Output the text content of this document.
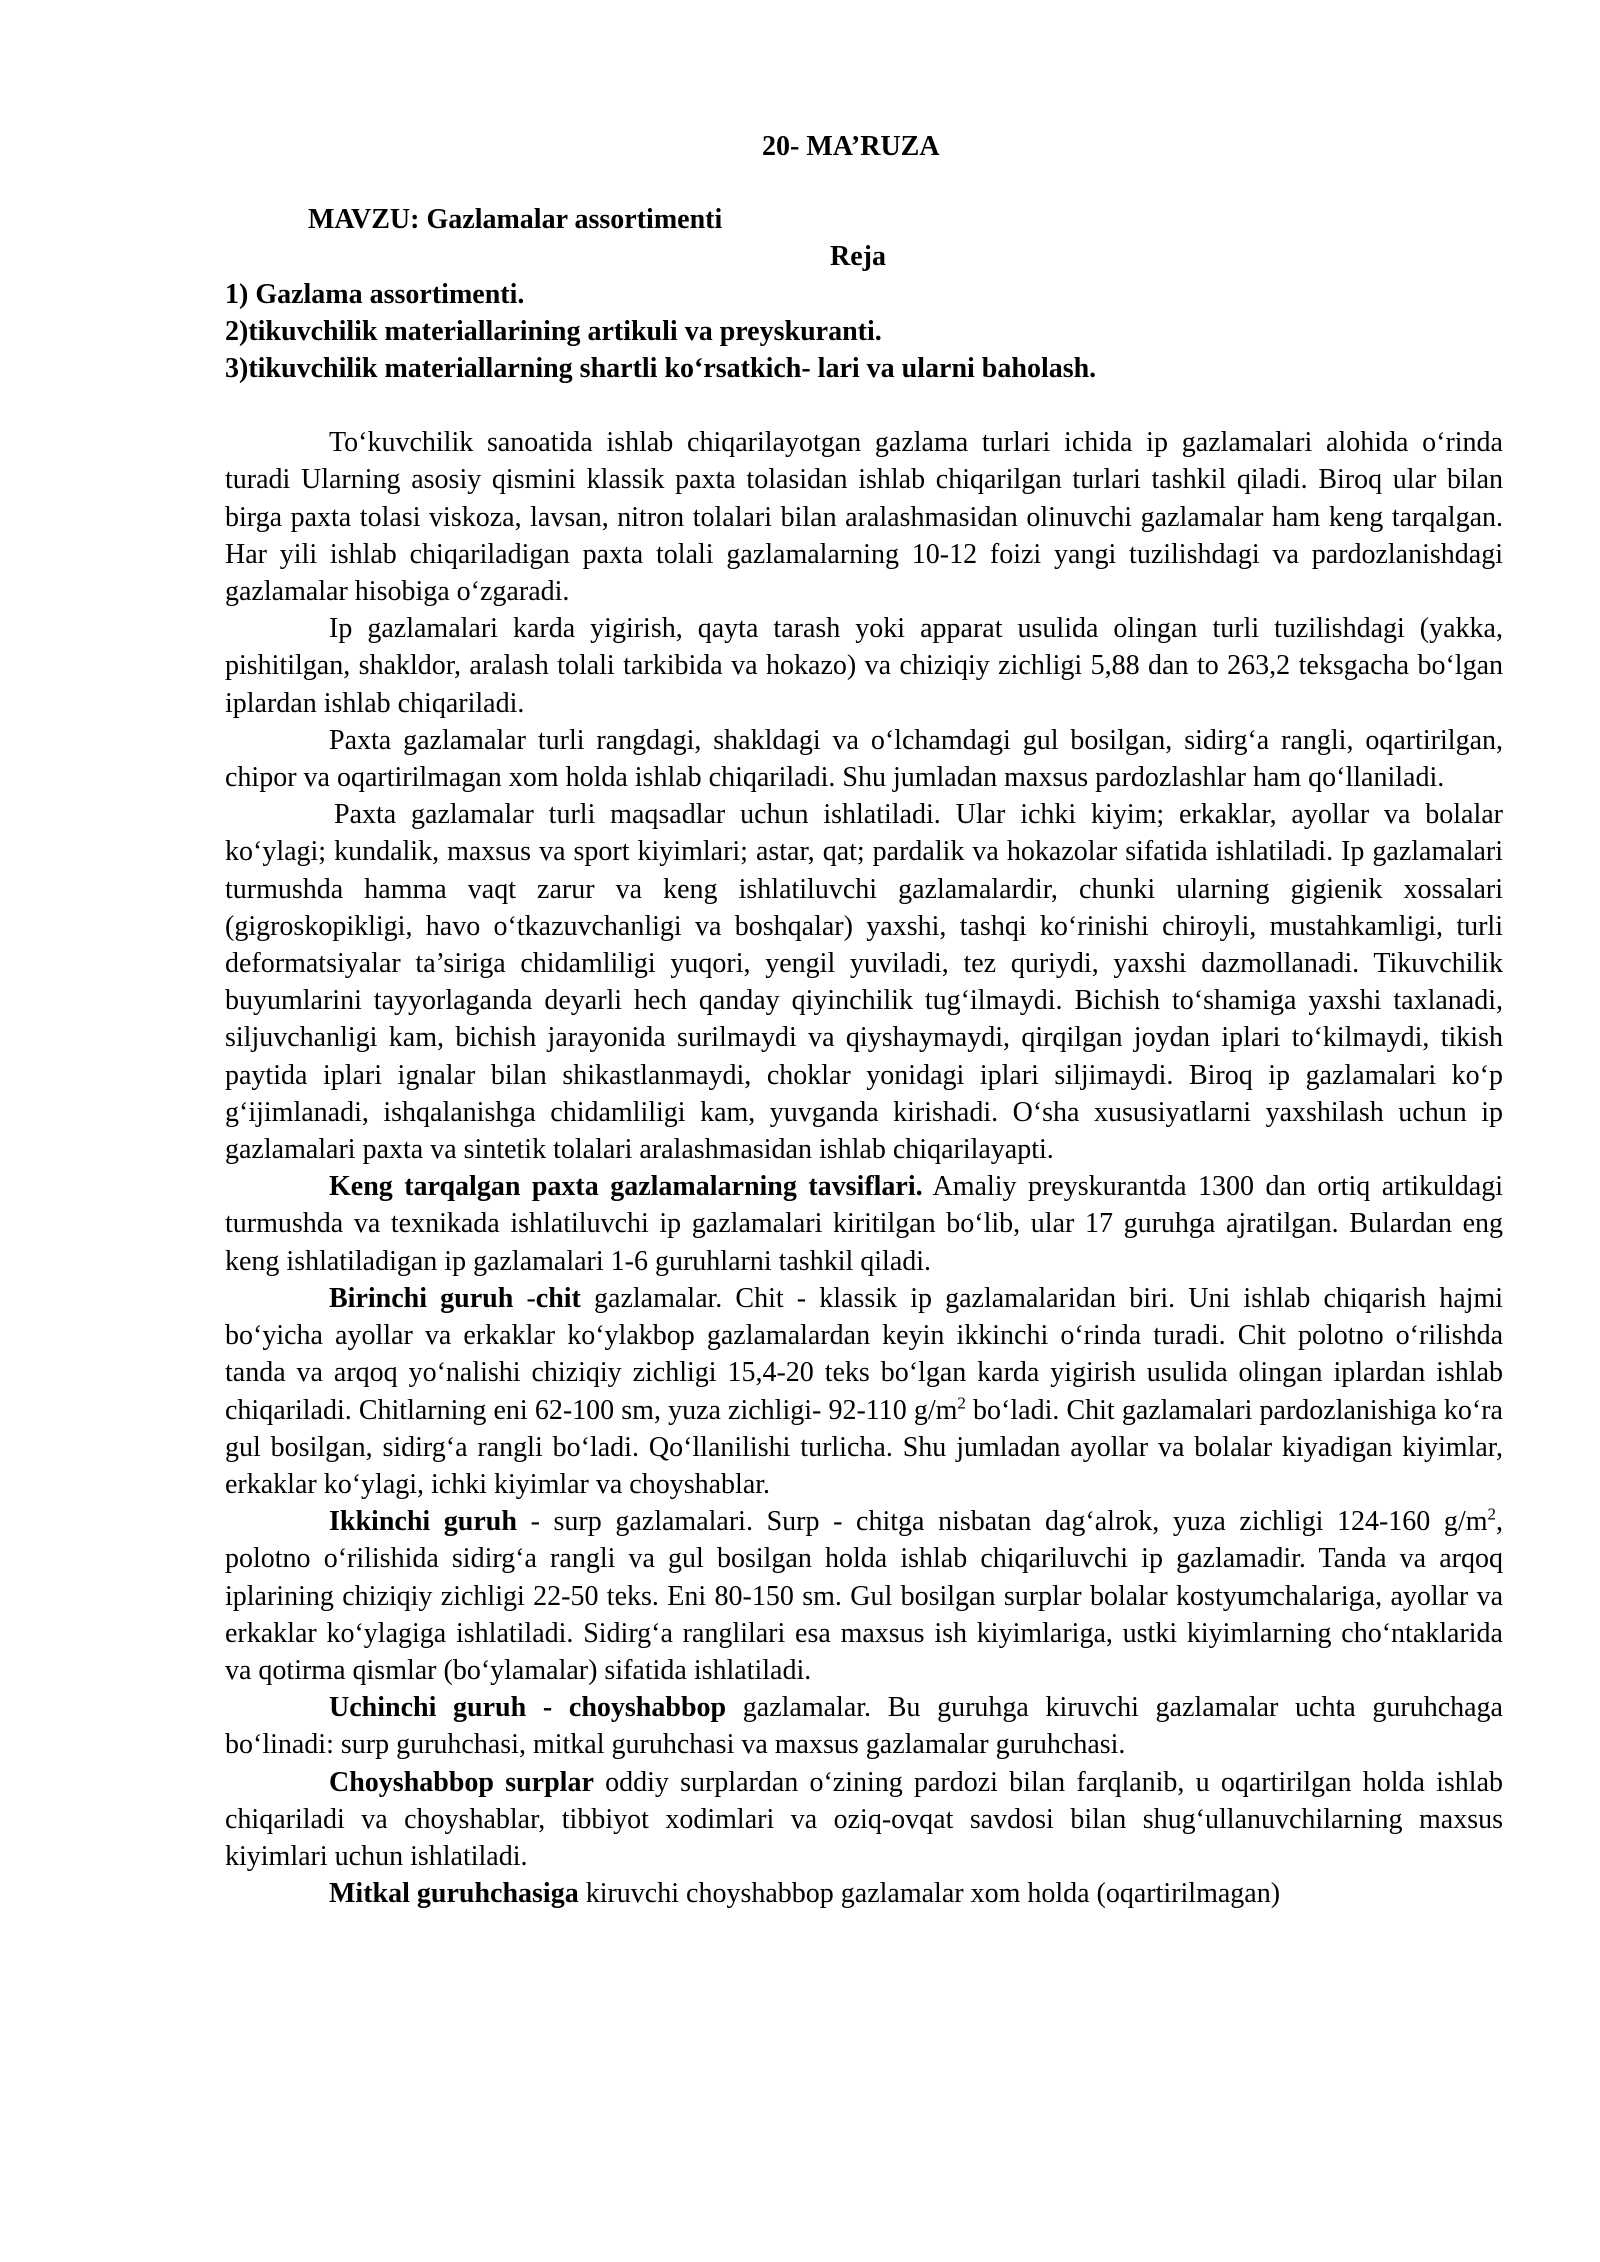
20- MA’RUZA

MAVZU: Gazlamalar assortimenti

Reja

1) Gazlama assortimenti.

2)tikuvchilik materiallarining artikuli va preyskuranti.

3)tikuvchilik materiallarning shartli ko‘rsatkich- lari va ularni baholash.

To‘kuvchilik sanoatida ishlab chiqarilayotgan gazlama turlari ichida ip gazlamalari alohida o‘rinda turadi Ularning asosiy qismini klassik paxta tolasidan ishlab chiqarilgan turlari tashkil qiladi. Biroq ular bilan birga paxta tolasi viskoza, lavsan, nitron tolalari bilan aralashmasidan olinuvchi gazlamalar ham keng tarqalgan. Har yili ishlab chiqariladigan paxta tolali gazlamalarning 10-12 foizi yangi tuzilishdagi va pardozlanishdagi gazlamalar hisobiga o‘zgaradi.

Ip gazlamalari karda yigirish, qayta tarash yoki apparat usulida olingan turli tuzilishdagi (yakka, pishitilgan, shakldor, aralash tolali tarkibida va hokazo) va chiziqiy zichligi 5,88 dan to 263,2 teksgacha bo‘lgan iplardan ishlab chiqariladi.

Paxta gazlamalar turli rangdagi, shakldagi va o‘lchamdagi gul bosilgan, sidirg‘a rangli, oqartirilgan, chipor va oqartirilmagan xom holda ishlab chiqariladi. Shu jumladan maxsus pardozlashlar ham qo‘llaniladi.

Paxta gazlamalar turli maqsadlar uchun ishlatiladi. Ular ichki kiyim; erkaklar, ayollar va bolalar ko‘ylagi; kundalik, maxsus va sport kiyimlari; astar, qat; pardalik va hokazolar sifatida ishlatiladi. Ip gazlamalari turmushda hamma vaqt zarur va keng ishlatiluvchi gazlamalardir, chunki ularning gigienik xossalari (gigroskopikligi, havo o‘tkazuvchanligi va boshqalar) yaxshi, tashqi ko‘rinishi chiroyli, mustahkamligi, turli deformatsiyalar ta’siriga chidamliligi yuqori, yengil yuviladi, tez quriydi, yaxshi dazmollanadi. Tikuvchilik buyumlarini tayyorlaganda deyarli hech qanday qiyinchilik tug‘ilmaydi. Bichish to‘shamiga yaxshi taxlanadi, siljuvchanligi kam, bichish jarayonida surilmaydi va qiyshaymaydi, qirqilgan joydan iplari to‘kilmaydi, tikish paytida iplari ignalar bilan shikastlanmaydi, choklar yonidagi iplari siljimaydi. Biroq ip gazlamalari ko‘p g‘ijimlanadi, ishqalanishga chidamliligi kam, yuvganda kirishadi. O‘sha xususiyatlarni yaxshilash uchun ip gazlamalari paxta va sintetik tolalari aralashmasidan ishlab chiqarilayapti.

Keng tarqalgan paxta gazlamalarning tavsiflari. Amaliy preyskurantda 1300 dan ortiq artikuldagi turmushda va texnikada ishlatiluvchi ip gazlamalari kiritilgan bo‘lib, ular 17 guruhga ajratilgan. Bulardan eng keng ishlatiladigan ip gazlamalari 1-6 guruhlarni tashkil qiladi.

Birinchi guruh -chit gazlamalar. Chit - klassik ip gazlamalaridan biri. Uni ishlab chiqarish hajmi bo‘yicha ayollar va erkaklar ko‘ylakbop gazlamalardan keyin ikkinchi o‘rinda turadi. Chit polotno o‘rilishda tanda va arqoq yo‘nalishi chiziqiy zichligi 15,4-20 teks bo‘lgan karda yigirish usulida olingan iplardan ishlab chiqariladi. Chitlarning eni 62-100 sm, yuza zichligi- 92-110 $g/m^2$ bo‘ladi. Chit gazlamalari pardozlanishiga ko‘ra gul bosilgan, sidirg‘a rangli bo‘ladi. Qo‘llanilishi turlicha. Shu jumladan ayollar va bolalar kiyadigan kiyimlar, erkaklar ko‘ylagi, ichki kiyimlar va choyshablar.

Ikkinchi guruh - surp gazlamalari. Surp - chitga nisbatan dag‘alrok, yuza zichligi 124-160 $g/m^2$, polotno o‘rilishida sidirg‘a rangli va gul bosilgan holda ishlab chiqariluvchi ip gazlamadir. Tanda va arqoq iplarining chiziqiy zichligi 22-50 teks. Eni 80-150 sm. Gul bosilgan surplar bolalar kostyumchalariga, ayollar va erkaklar ko‘ylagiga ishlatiladi. Sidirg‘a ranglilari esa maxsus ish kiyimlariga, ustki kiyimlarning cho‘ntaklarida va qotirma qismlar (bo‘ylamalar) sifatida ishlatiladi.

Uchinchi guruh - choyshabbop gazlamalar. Bu guruhga kiruvchi gazlamalar uchta guruhchaga bo‘linadi: surp guruhchasi, mitkal guruhchasi va maxsus gazlamalar guruhchasi.

Choyshabbop surplar oddiy surplardan o‘zining pardozi bilan farqlanib, u oqartirilgan holda ishlab chiqariladi va choyshablar, tibbiyot xodimlari va oziq-ovqat savdosi bilan shug‘ullanuvchilarning maxsus kiyimlari uchun ishlatiladi.

Mitkal guruhchasiga kiruvchi choyshabbop gazlamalar xom holda (oqartirilmagan)
